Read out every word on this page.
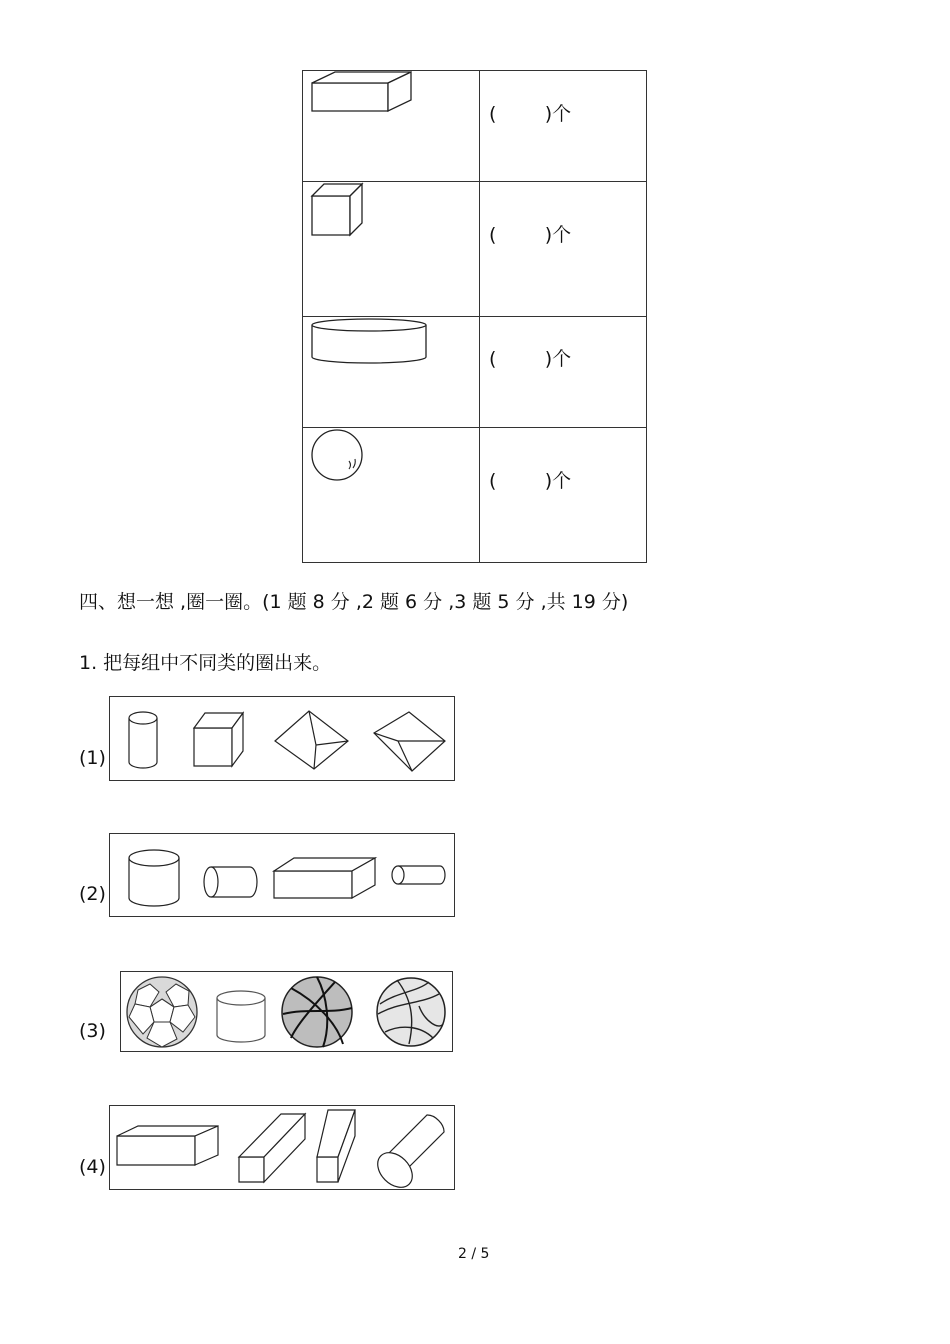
(        )个

(        )个

(        )个

(        )个
四、想一想 ,圈一圈。(1 题 8 分 ,2 题 6 分 ,3 题 5 分 ,共 19 分)
1. 把每组中不同类的圈出来。
(1)
(2)
(3)
(4)
2 / 5
